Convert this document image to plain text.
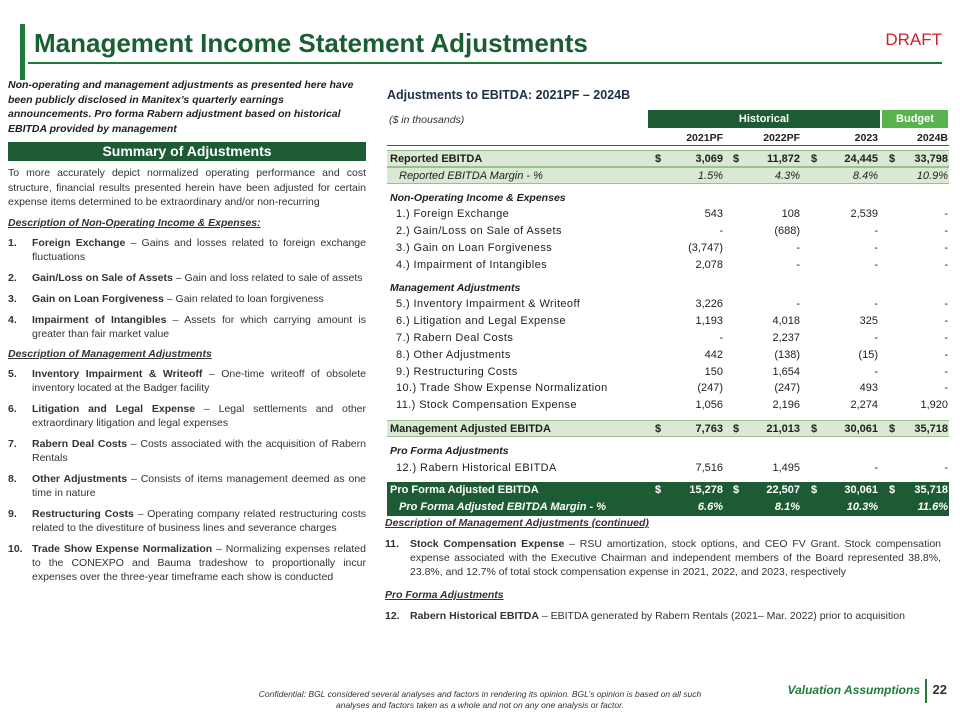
Management Income Statement Adjustments	DRAFT
Non-operating and management adjustments as presented here have been publicly disclosed in Manitex’s quarterly earnings announcements. Pro forma Rabern adjustment based on historical EBITDA provided by management
Summary of Adjustments
To more accurately depict normalized operating performance and cost structure, financial results presented herein have been adjusted for certain expense items determined to be extraordinary and/or non-recurring
Description of Non-Operating Income & Expenses:
1.	Foreign Exchange – Gains and losses related to foreign exchange fluctuations
2.	Gain/Loss on Sale of Assets – Gain and loss related to sale of assets
3.	Gain on Loan Forgiveness – Gain related to loan forgiveness
4.	Impairment of Intangibles – Assets for which carrying amount is greater than fair market value
Description of Management Adjustments
5.	Inventory Impairment & Writeoff – One-time writeoff of obsolete inventory located at the Badger facility
6.	Litigation and Legal Expense – Legal settlements and other extraordinary litigation and legal expenses
7.	Rabern Deal Costs – Costs associated with the acquisition of Rabern Rentals
8.	Other Adjustments – Consists of items management deemed as one time in nature
9.	Restructuring Costs – Operating company related restructuring costs related to the divestiture of business lines and severance charges
10. Trade Show Expense Normalization – Normalizing expenses related to the CONEXPO and Bauma tradeshow to proportionally incur expenses over the three-year timeframe each show is conducted
Adjustments to EBITDA: 2021PF – 2024B
($ in thousands)	Historical	Budget
2021PF	2022PF	2023	2024B
Reported EBITDA	$	3,069 $	11,872 $	24,445 $	33,798
Reported EBITDA Margin - %	1.5%	4.3%	8.4%	10.9%
Non-Operating Income & Expenses
1.) Foreign Exchange	543	108	2,539	-
2.) Gain/Loss on Sale of Assets	-	(688)	-	-
3.) Gain on Loan Forgiveness	(3,747)	-	-	-
4.) Impairment of Intangibles	2,078	-	-	-
Management Adjustments
5.) Inventory Impairment & Writeoff	3,226	-	-	-
6.) Litigation and Legal Expense	1,193	4,018	325	-
7.) Rabern Deal Costs	-	2,237	-	-
8.) Other Adjustments	442	(138)	(15)	-
9.) Restructuring Costs	150	1,654	-	-
10.) Trade Show Expense Normalization	(247)	(247)	493	-
11.) Stock Compensation Expense	1,056	2,196	2,274	1,920
Management Adjusted EBITDA	$	7,763 $	21,013 $	30,061 $	35,718
Pro Forma Adjustments
12.) Rabern Historical EBITDA	7,516	1,495	-	-
Pro Forma Adjusted EBITDA	$	15,278 $	22,507 $	30,061 $	35,718
Pro Forma Adjusted EBITDA Margin - %	6.6%	8.1%	10.3%	11.6%
Description of Management Adjustments (continued)
11.	Stock Compensation Expense – RSU amortization, stock options, and CEO FV Grant. Stock compensation expense associated with the Executive Chairman and independent members of the Board represented 38.8%, 23.8%, and 12.7% of total stock compensation expense in 2021, 2022, and 2023, respectively
Pro Forma Adjustments
12. Rabern Historical EBITDA – EBITDA generated by Rabern Rentals (2021– Mar. 2022) prior to acquisition
Confidential: BGL considered several analyses and factors in rendering its opinion. BGL’s opinion is based on all such analyses and factors taken as a whole and not on any one analysis or factor.
Valuation Assumptions 22
